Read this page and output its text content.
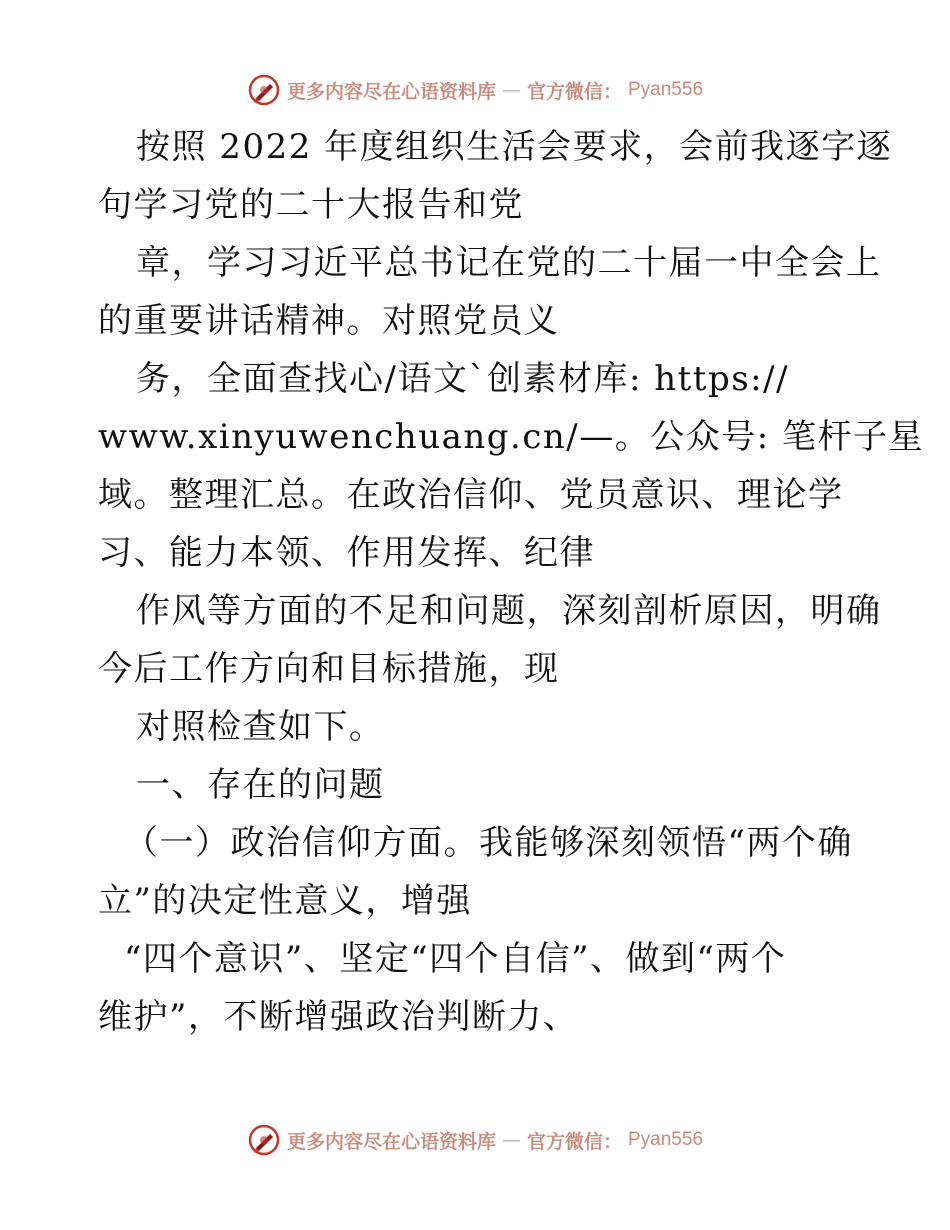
更多内容尽在心语资料库 — 官方微信： Pyan556
按照 2022 年度组织生活会要求，会前我逐字逐
句学习党的二十大报告和党
章，学习习近平总书记在党的二十届一中全会上
的重要讲话精神。对照党员义
务，全面查找心/语文`创素材库: https://
www.xinyuwenchuang.cn/—。公众号: 笔杆子星
域。整理汇总。在政治信仰、党员意识、理论学
习、能力本领、作用发挥、纪律
作风等方面的不足和问题，深刻剖析原因，明确
今后工作方向和目标措施，现
对照检查如下。
一、存在的问题
（一）政治信仰方面。我能够深刻领悟“两个确
立”的决定性意义，增强
“四个意识”、坚定“四个自信”、做到“两个
维护”，不断增强政治判断力、
更多内容尽在心语资料库 — 官方微信： Pyan556
